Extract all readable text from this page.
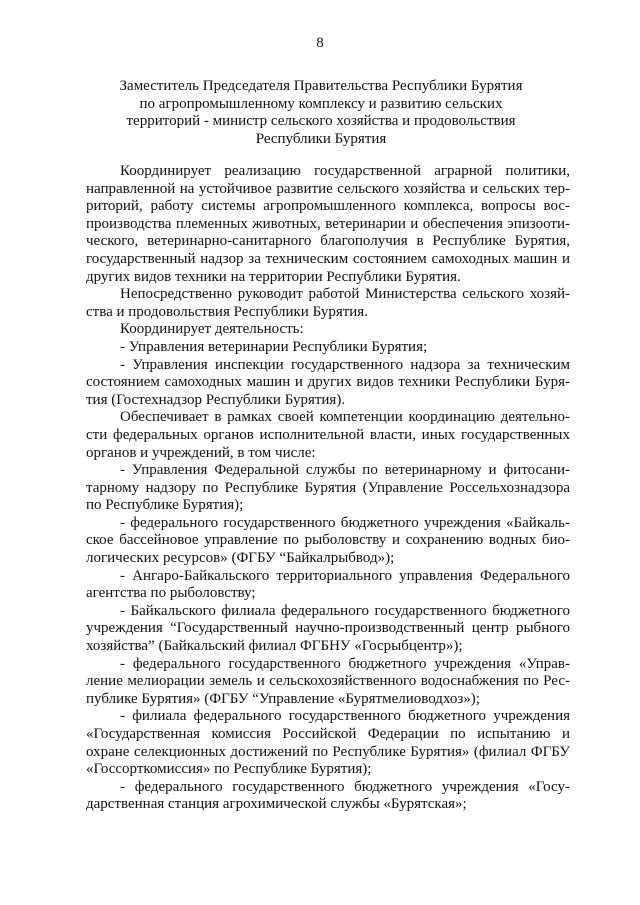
8
Заместитель Председателя Правительства Республики Бурятия
по агропромышленному комплексу и развитию сельских
территорий - министр сельского хозяйства и продовольствия
Республики Бурятия

Координирует реализацию государственной аграрной политики, направленной на устойчивое развитие сельского хозяйства и сельских территорий, работу системы агропромышленного комплекса, вопросы воспроизводства племенных животных, ветеринарии и обеспечения эпизоотического, ветеринарно-санитарного благополучия в Республике Бурятия, государственный надзор за техническим состоянием самоходных машин и других видов техники на территории Республики Бурятия.

Непосредственно руководит работой Министерства сельского хозяйства и продовольствия Республики Бурятия.

Координирует деятельность:

- Управления ветеринарии Республики Бурятия;

- Управления инспекции государственного надзора за техническим состоянием самоходных машин и других видов техники Республики Бурятия (Гостехнадзор Республики Бурятия).

Обеспечивает в рамках своей компетенции координацию деятельности федеральных органов исполнительной власти, иных государственных органов и учреждений, в том числе:

- Управления Федеральной службы по ветеринарному и фитосанитарному надзору по Республике Бурятия (Управление Россельхознадзора по Республике Бурятия);

- федерального государственного бюджетного учреждения «Байкальское бассейновое управление по рыболовству и сохранению водных биологических ресурсов» (ФГБУ “Байкалрыбвод»);

- Ангаро-Байкальского территориального управления Федерального агентства по рыболовству;

- Байкальского филиала федерального государственного бюджетного учреждения “Государственный научно-производственный центр рыбного хозяйства” (Байкальский филиал ФГБНУ «Госрыбцентр»);

- федерального государственного бюджетного учреждения «Управление мелиорации земель и сельскохозяйственного водоснабжения по Республике Бурятия» (ФГБУ “Управление «Бурятмелиоводхоз»);

- филиала федерального государственного бюджетного учреждения «Государственная комиссия Российской Федерации по испытанию и охране селекционных достижений по Республике Бурятия» (филиал ФГБУ «Госсорткомиссия» по Республике Бурятия);

- федерального государственного бюджетного учреждения «Государственная станция агрохимической службы «Бурятская»;
